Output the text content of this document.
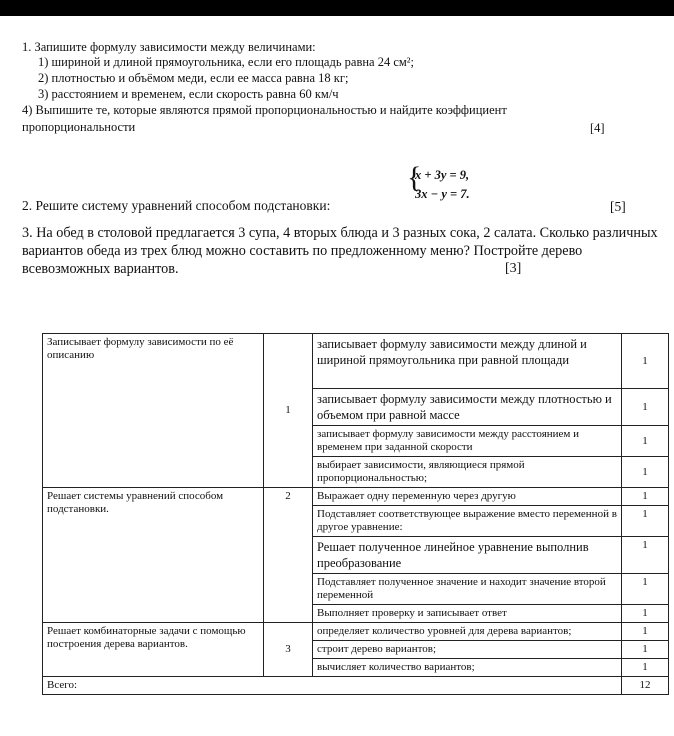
1. Запишите формулу зависимости между величинами:
1) шириной и длиной прямоугольника, если его площадь равна 24 см²;
2) плотностью и объёмом меди, если ее масса равна 18 кг;
3) расстоянием и временем, если скорость равна 60 км/ч
4) Выпишите те, которые являются прямой пропорциональностью и найдите коэффициент
пропорциональности	[4]
2. Решите систему уравнений способом подстановки:
{
x + 3y = 9,
3x − y = 7.
[5]
3. На обед в столовой предлагается 3 супа, 4 вторых блюда и 3 разных сока, 2 салата. Сколько различных вариантов обеда из трех блюд можно составить по предложенному меню? Постройте дерево всевозможных вариантов.	[3]
Записывает формулу зависимости по её описанию	1	записывает формулу зависимости между длиной и шириной прямоугольника при равной площади	1
		записывает формулу зависимости между плотностью и объемом при равной массе	1
		записывает формулу зависимости между расстоянием и временем при заданной скорости	1
		выбирает зависимости, являющиеся прямой пропорциональностью;	1
Решает системы уравнений способом подстановки.	2	Выражает одну переменную через другую	1
		Подставляет соответствующее выражение вместо переменной в другое уравнение:	1
		Решает полученное линейное уравнение выполнив преобразование	1
		Подставляет полученное значение и находит значение второй переменной	1
		Выполняет проверку и записывает ответ	1
Решает комбинаторные задачи с помощью построения дерева вариантов.	3	определяет количество уровней для дерева вариантов;	1
		строит дерево вариантов;	1
		вычисляет количество вариантов;	1
Всего:			12
